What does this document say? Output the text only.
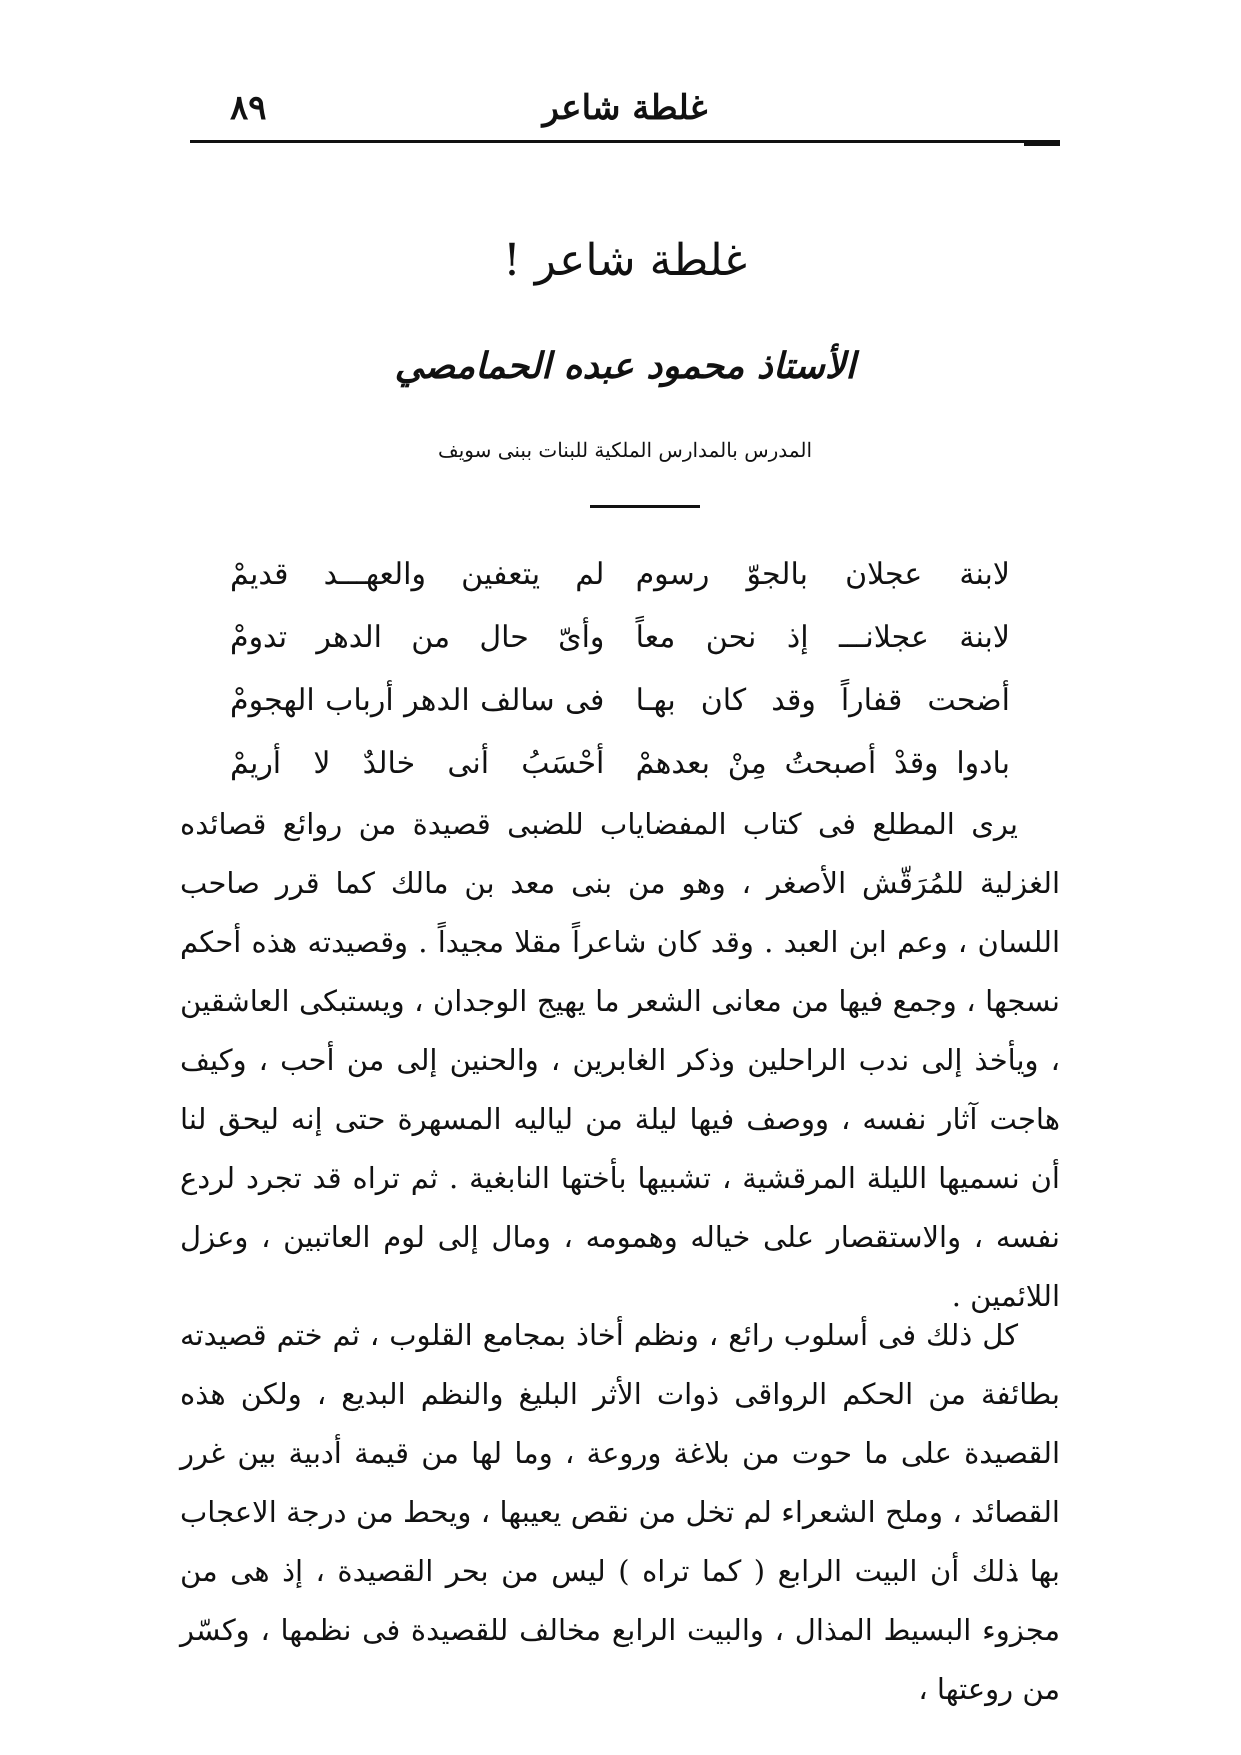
٨٩	غلطة شاعر
غلطة شاعر !
الأستاذ محمود عبده الحمامصي
المدرس بالمدارس الملكية للبنات ببنى سويف
لابنة عجلان بالجوّ رسوم
لم يتعفين والعهـــد قديمْ
لابنة عجلانـــ إذ نحن معاً
وأىّ حال من الدهر تدومْ
أضحت قفاراً وقد كان بهـا
فى سالف الدهر أرباب الهجومْ
بادوا وقدْ أصبحتُ مِنْ بعدهمْ
أحْسَبُ أنى خالدٌ لا أريمْ

يرى المطلع فى كتاب المفضاياب للضبى قصيدة من روائع قصائده الغزلية للمُرَقّش الأصغر ، وهو من بنى معد بن مالك كما قرر صاحب اللسان ، وعم ابن العبد . وقد كان شاعراً مقلا مجيداً . وقصيدته هذه أحكم نسجها ، وجمع فيها من معانى الشعر ما يهيج الوجدان ، ويستبكى العاشقين ، ويأخذ إلى ندب الراحلين وذكر الغابرين ، والحنين إلى من أحب ، وكيف هاجت آثار نفسه ، ووصف فيها ليلة من لياليه المسهرة حتى إنه ليحق لنا أن نسميها الليلة المرقشية ، تشبيها بأختها النابغية . ثم تراه قد تجرد لردع نفسه ، والاستقصار على خياله وهمومه ، ومال إلى لوم العاتبين ، وعزل اللائمين .

كل ذلك فى أسلوب رائع ، ونظم أخاذ بمجامع القلوب ، ثم ختم قصيدته بطائفة من الحكم الرواقى ذوات الأثر البليغ والنظم البديع ، ولكن هذه القصيدة على ما حوت من بلاغة وروعة ، وما لها من قيمة أدبية بين غرر القصائد ، وملح الشعراء لم تخل من نقص يعيبها ، ويحط من درجة الاعجاب بها .

ذلك أن البيت الرابع ( كما تراه ) ليس من بحر القصيدة ، إذ هى من مجزوء البسيط المذال ، والبيت الرابع مخالف للقصيدة فى نظمها ، وكسّر من روعتها ،
